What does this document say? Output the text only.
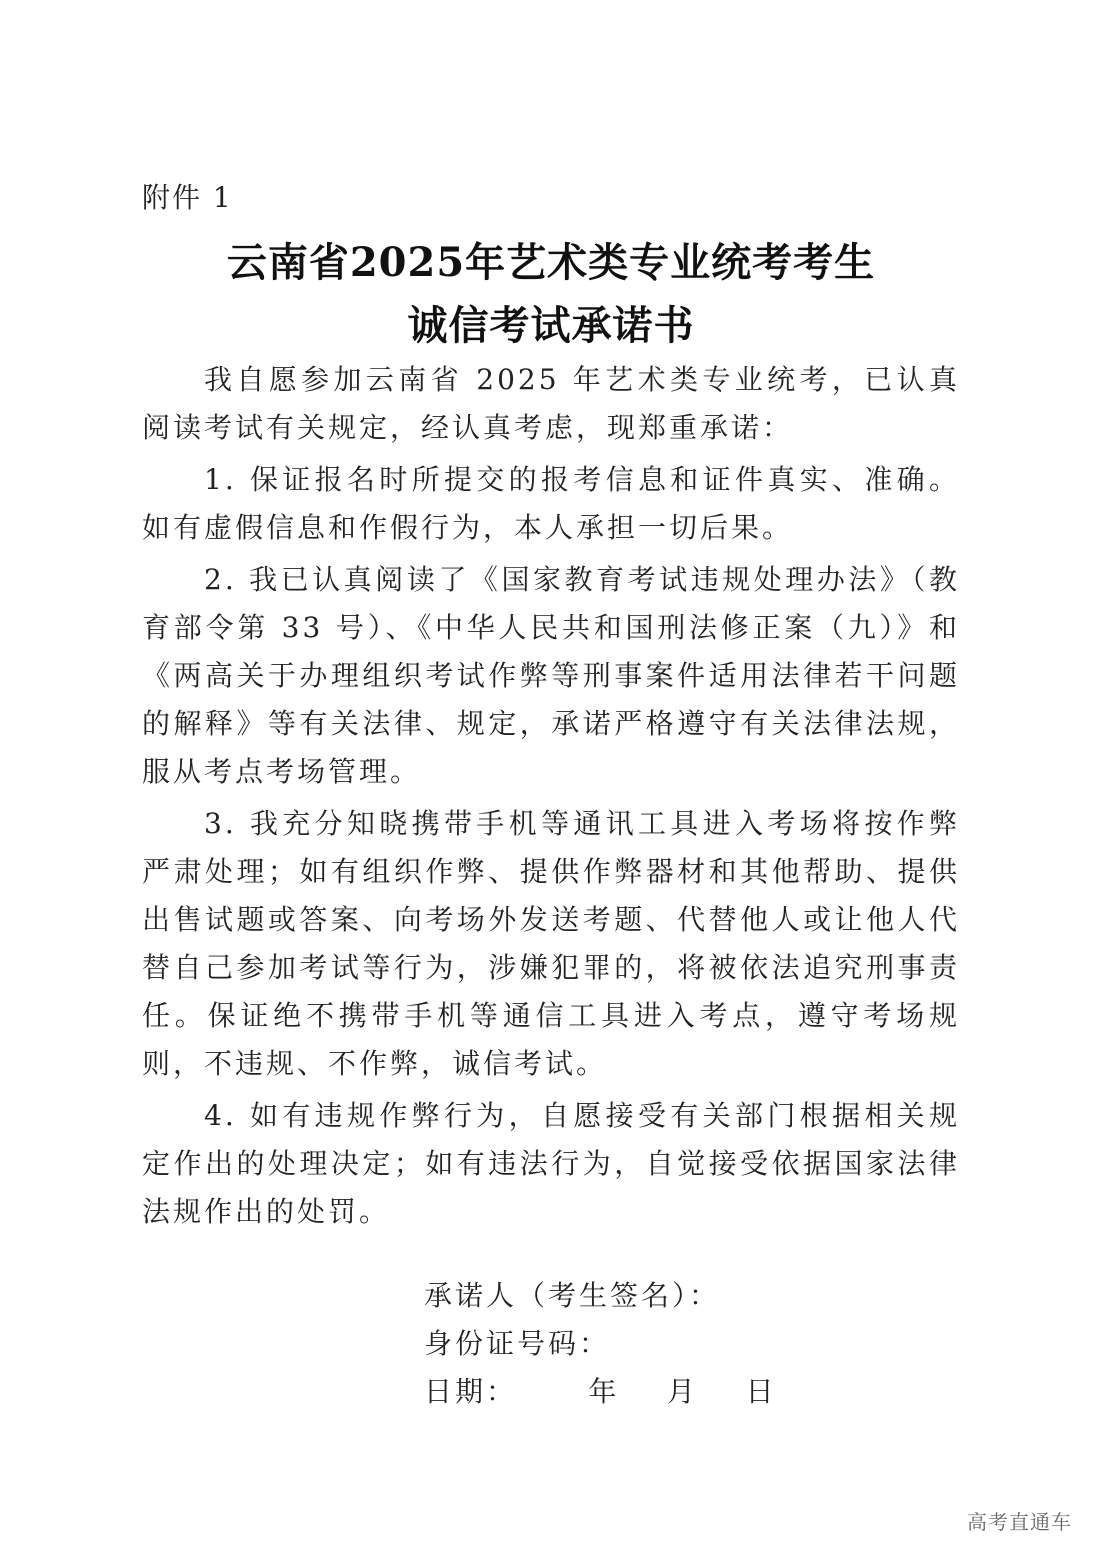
附件 1
云南省2025年艺术类专业统考考生
诚信考试承诺书

我自愿参加云南省 2025 年艺术类专业统考，已认真阅读考试有关规定，经认真考虑，现郑重承诺：

1. 保证报名时所提交的报考信息和证件真实、准确。如有虚假信息和作假行为，本人承担一切后果。

2. 我已认真阅读了《国家教育考试违规处理办法》（教育部令第 33 号）、《中华人民共和国刑法修正案（九）》和《两高关于办理组织考试作弊等刑事案件适用法律若干问题的解释》等有关法律、规定，承诺严格遵守有关法律法规，服从考点考场管理。

3. 我充分知晓携带手机等通讯工具进入考场将按作弊严肃处理；如有组织作弊、提供作弊器材和其他帮助、提供出售试题或答案、向考场外发送考题、代替他人或让他人代替自己参加考试等行为，涉嫌犯罪的，将被依法追究刑事责任。保证绝不携带手机等通信工具进入考点，遵守考场规则，不违规、不作弊，诚信考试。

4. 如有违规作弊行为，自愿接受有关部门根据相关规定作出的处理决定；如有违法行为，自觉接受依据国家法律法规作出的处罚。

承诺人（考生签名）：
身份证号码：
日期：      年    月    日
高考直通车
